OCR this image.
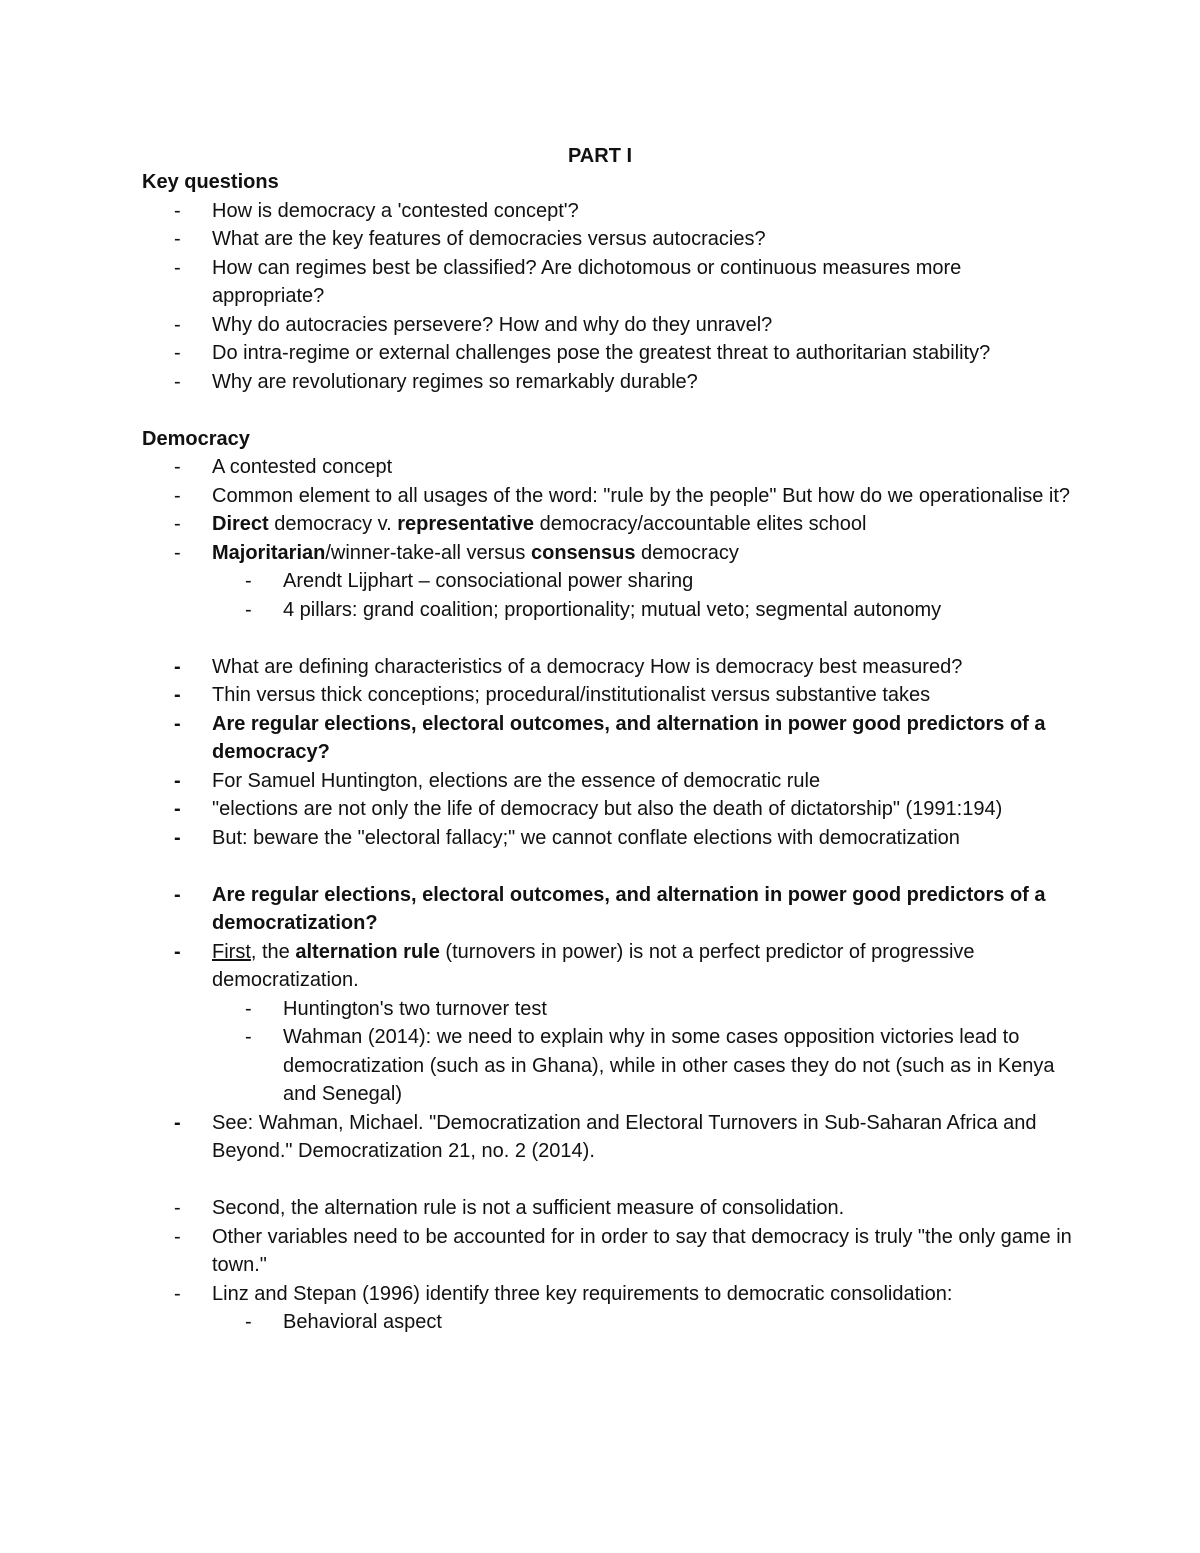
PART I
Key questions
- How is democracy a 'contested concept'?
- What are the key features of democracies versus autocracies?
- How can regimes best be classified? Are dichotomous or continuous measures more appropriate?
- Why do autocracies persevere? How and why do they unravel?
- Do intra-regime or external challenges pose the greatest threat to authoritarian stability?
- Why are revolutionary regimes so remarkably durable?
Democracy
- A contested concept
- Common element to all usages of the word: "rule by the people" But how do we operationalise it?
- Direct democracy v. representative democracy/accountable elites school
- Majoritarian/winner-take-all versus consensus democracy
- Arendt Lijphart – consociational power sharing
- 4 pillars: grand coalition; proportionality; mutual veto; segmental autonomy
- What are defining characteristics of a democracy How is democracy best measured?
- Thin versus thick conceptions; procedural/institutionalist versus substantive takes
- Are regular elections, electoral outcomes, and alternation in power good predictors of a democracy?
- For Samuel Huntington, elections are the essence of democratic rule
- "elections are not only the life of democracy but also the death of dictatorship" (1991:194)
- But: beware the "electoral fallacy;" we cannot conflate elections with democratization
- Are regular elections, electoral outcomes, and alternation in power good predictors of a democratization?
- First, the alternation rule (turnovers in power) is not a perfect predictor of progressive democratization.
- Huntington's two turnover test
- Wahman (2014): we need to explain why in some cases opposition victories lead to democratization (such as in Ghana), while in other cases they do not (such as in Kenya and Senegal)
- See: Wahman, Michael. "Democratization and Electoral Turnovers in Sub-Saharan Africa and Beyond." Democratization 21, no. 2 (2014).
- Second, the alternation rule is not a sufficient measure of consolidation.
- Other variables need to be accounted for in order to say that democracy is truly "the only game in town."
- Linz and Stepan (1996) identify three key requirements to democratic consolidation:
- Behavioral aspect
